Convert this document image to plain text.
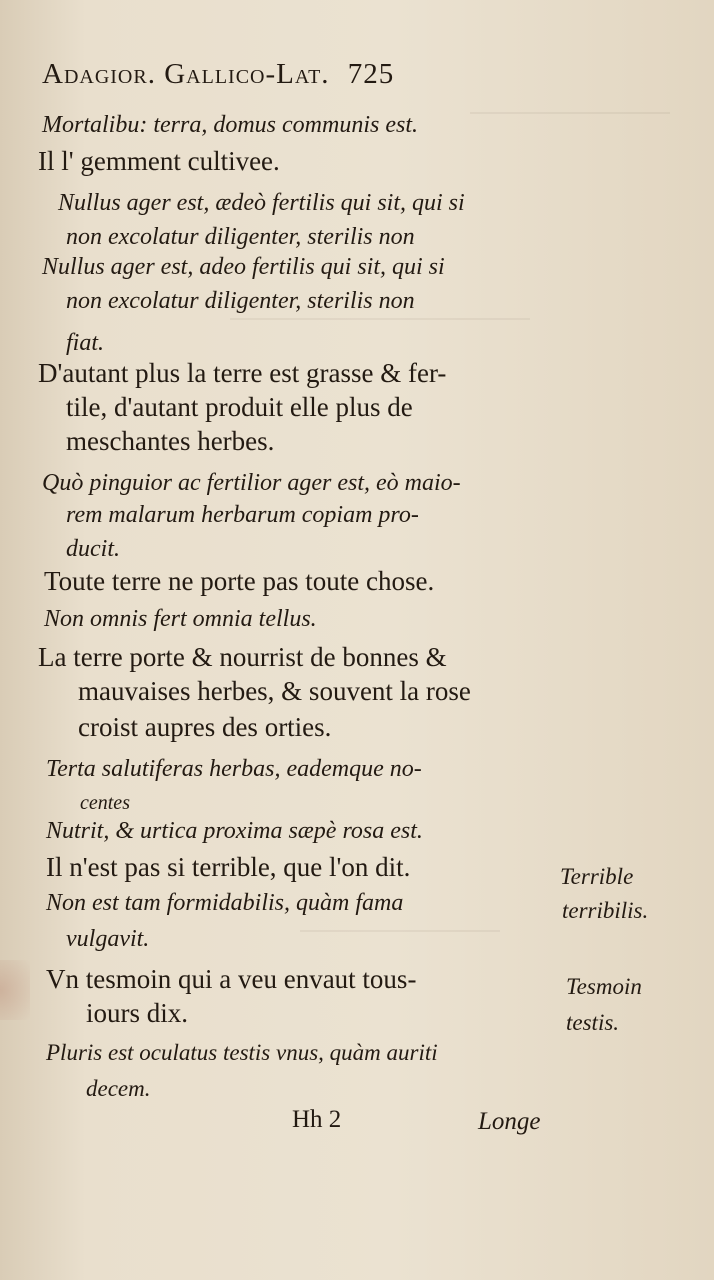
Adagior. Gallico-Lat. 725
Mortalibu: terra, domus communis est.
Il l' gemment cultivee.
Nullus ager est, ædeò fertilis qui sit, qui si
non excolatur diligenter, sterilis non
Nullus ager est, adeo fertilis qui sit, qui si
non excolatur diligenter, sterilis non
fiat.
D'autant plus la terre est grasse & fer-
tile, d'autant produit elle plus de
meschantes herbes.
Quò pinguior ac fertilior ager est, eò maio-
rem malarum herbarum copiam pro-
ducit.
Toute terre ne porte pas toute chose.
Non omnis fert omnia tellus.
La terre porte & nourrist de bonnes &
mauvaises herbes, & souvent la rose
croist aupres des orties.
Terta salutiferas herbas, eademque no-
centes
Nutrit, & urtica proxima sæpè rosa est.
Il n'est pas si terrible, que l'on dit.
Non est tam formidabilis, quàm fama
vulgavit.
Vn tesmoin qui a veu envaut tous-
iours dix.
Pluris est oculatus testis vnus, quàm auriti
decem.
Terrible
terribilis.
Tesmoin
testis.
Hh 2	Longe
